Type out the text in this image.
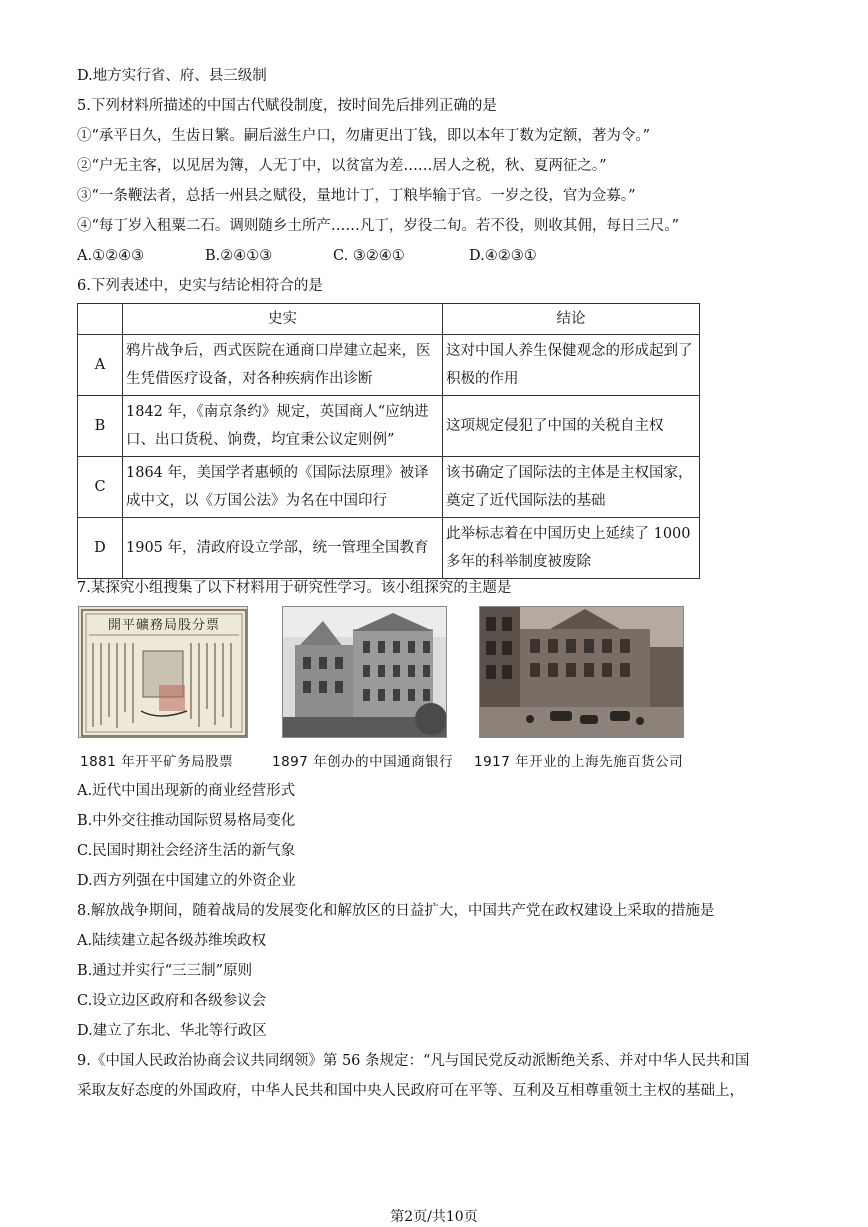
D.地方实行省、府、县三级制
5.下列材料所描述的中国古代赋役制度，按时间先后排列正确的是
①“承平日久，生齿日繁。嗣后滋生户口，勿庸更出丁钱，即以本年丁数为定额，著为令。”
②“户无主客，以见居为簿，人无丁中，以贫富为差……居人之税，秋、夏两征之。”
③“一条鞭法者，总括一州县之赋役，量地计丁，丁粮毕输于官。一岁之役，官为佥募。”
④“每丁岁入租粟二石。调则随乡土所产……凡丁，岁役二旬。若不役，则收其佣，每日三尺。”
A.①②④③	B.②④①③	C. ③②④①	D.④②③①
6.下列表述中，史实与结论相符合的是
	史实	结论
A	鸦片战争后，西式医院在通商口岸建立起来，医生凭借医疗设备，对各种疾病作出诊断	这对中国人养生保健观念的形成起到了积极的作用
B	1842 年，《南京条约》规定，英国商人“应纳进口、出口货税、饷费，均宜秉公议定则例”	这项规定侵犯了中国的关税自主权
C	1864 年，美国学者惠顿的《国际法原理》被译成中文，以《万国公法》为名在中国印行	该书确定了国际法的主体是主权国家，奠定了近代国际法的基础
D	1905 年，清政府设立学部，统一管理全国教育	此举标志着在中国历史上延续了 1000 多年的科举制度被废除
7.某探究小组搜集了以下材料用于研究性学习。该小组探究的主题是
開平礦務局股分票
1881 年开平矿务局股票	1897 年创办的中国通商银行 1917 年开业的上海先施百货公司
A.近代中国出现新的商业经营形式
B.中外交往推动国际贸易格局变化
C.民国时期社会经济生活的新气象
D.西方列强在中国建立的外资企业
8.解放战争期间，随着战局的发展变化和解放区的日益扩大，中国共产党在政权建设上采取的措施是
A.陆续建立起各级苏维埃政权
B.通过并实行“三三制”原则
C.设立边区政府和各级参议会
D.建立了东北、华北等行政区
9.《中国人民政治协商会议共同纲领》第 56 条规定：“凡与国民党反动派断绝关系、并对中华人民共和国
采取友好态度的外国政府，中华人民共和国中央人民政府可在平等、互利及互相尊重领土主权的基础上，
第2页/共10页
